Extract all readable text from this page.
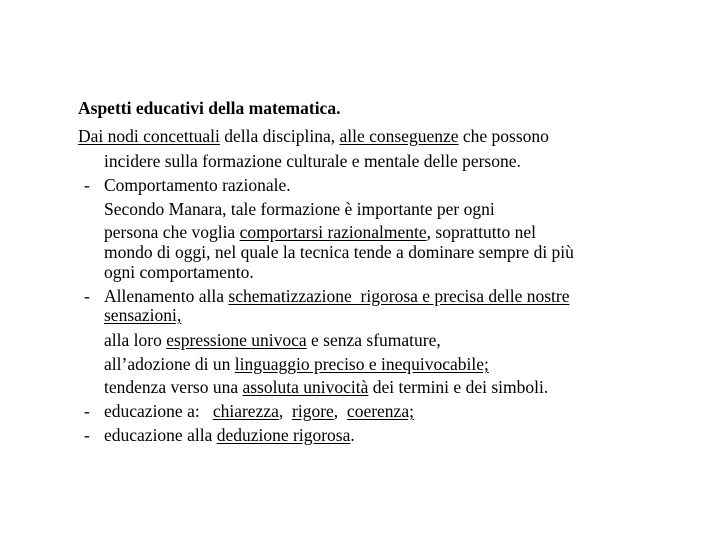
Aspetti educativi della matematica.
Dai nodi concettuali della disciplina, alle conseguenze che possono
incidere sulla formazione culturale e mentale delle persone.
- Comportamento razionale.
Secondo Manara, tale formazione è importante per ogni
persona che voglia comportarsi razionalmente, soprattutto nel
mondo di oggi, nel quale la tecnica tende a dominare sempre di più
ogni comportamento.
- Allenamento alla schematizzazione  rigorosa e precisa delle nostre
sensazioni,
alla loro espressione univoca e senza sfumature,
all’adozione di un linguaggio preciso e inequivocabile;
tendenza verso una assoluta univocità dei termini e dei simboli.
- educazione a:   chiarezza,  rigore,  coerenza;
- educazione alla deduzione rigorosa.
